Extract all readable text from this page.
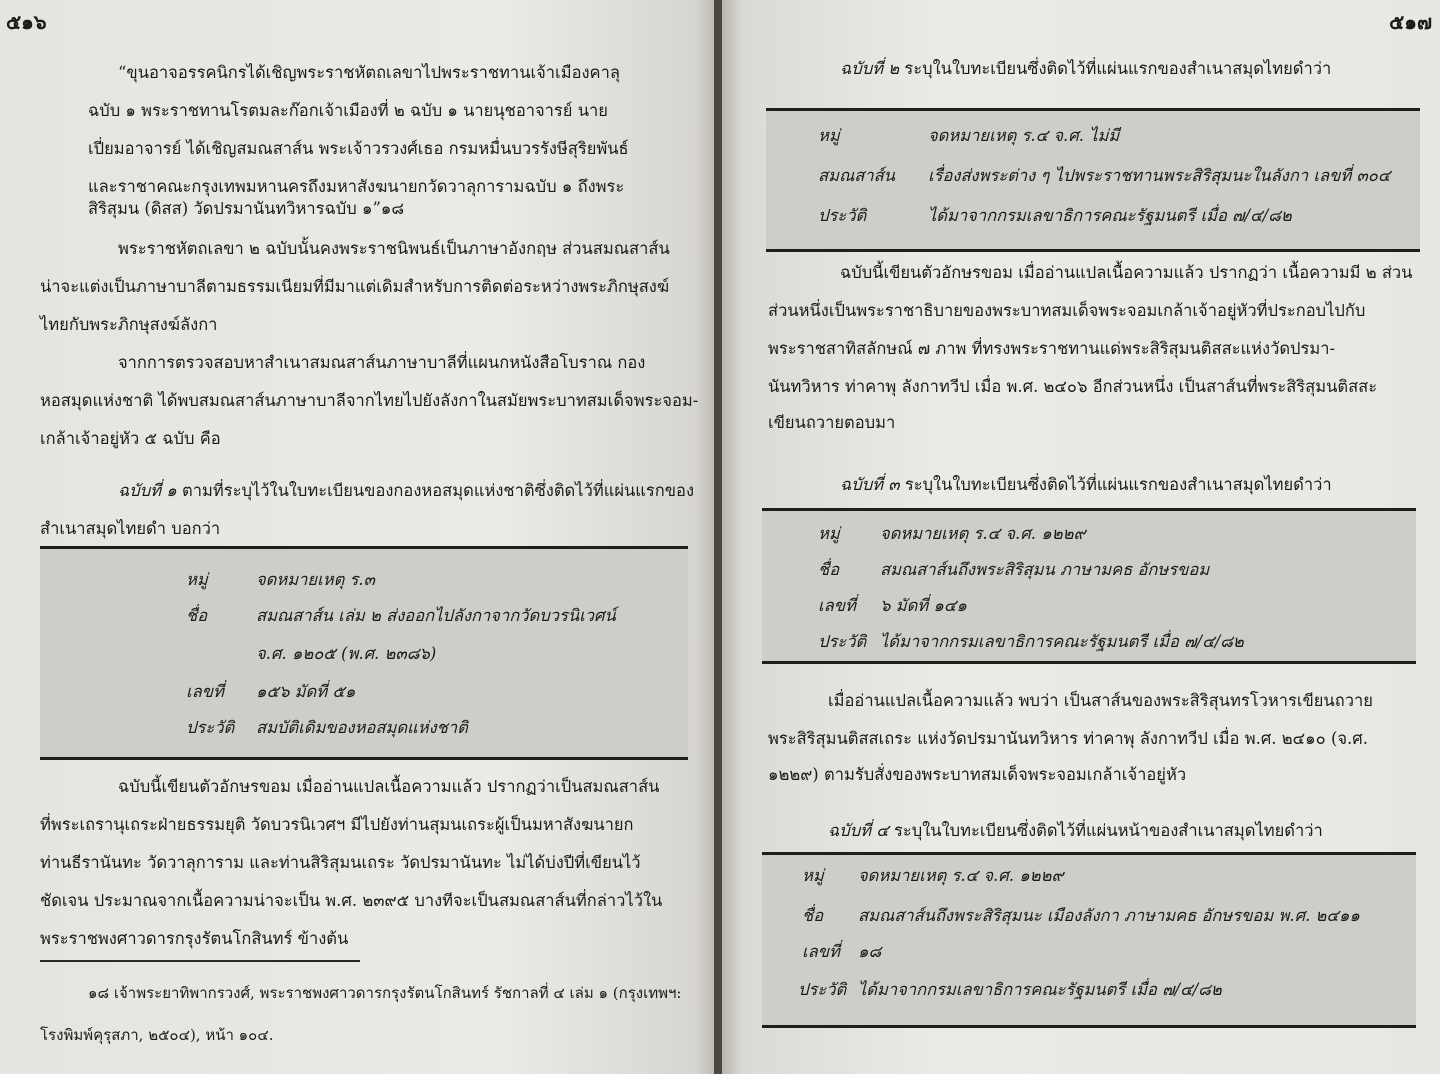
๕๑๖
“ขุนอาจอรรคนิกรได้เชิญพระราชหัตถเลขาไปพระราชทานเจ้าเมืองคาลุ
ฉบับ ๑ พระราชทานโรตมละก๊อกเจ้าเมืองที่ ๒ ฉบับ ๑ นายนุชอาจารย์ นาย
เปี่ยมอาจารย์ ได้เชิญสมณสาส์น พระเจ้าวรวงศ์เธอ กรมหมื่นบวรรังษีสุริยพันธ์
และราชาคณะกรุงเทพมหานครถึงมหาสังฆนายกวัดวาลุการามฉบับ ๑ ถึงพระ
สิริสุมน (ดิสส) วัดปรมานันทวิหารฉบับ ๑”๑๘
พระราชหัตถเลขา ๒ ฉบับนั้นคงพระราชนิพนธ์เป็นภาษาอังกฤษ ส่วนสมณสาส์น
น่าจะแต่งเป็นภาษาบาลีตามธรรมเนียมที่มีมาแต่เดิมสำหรับการติดต่อระหว่างพระภิกษุสงฆ์
ไทยกับพระภิกษุสงฆ์ลังกา
จากการตรวจสอบหาสำเนาสมณสาส์นภาษาบาลีที่แผนกหนังสือโบราณ กอง
หอสมุดแห่งชาติ ได้พบสมณสาส์นภาษาบาลีจากไทยไปยังลังกาในสมัยพระบาทสมเด็จพระจอม-
เกล้าเจ้าอยู่หัว ๕ ฉบับ คือ
ฉบับที่ ๑ ตามที่ระบุไว้ในใบทะเบียนของกองหอสมุดแห่งชาติซึ่งติดไว้ที่แผ่นแรกของ
สำเนาสมุดไทยดำ บอกว่า
หมู่	จดหมายเหตุ ร.๓
ชื่อ	สมณสาส์น เล่ม ๒ ส่งออกไปลังกาจากวัดบวรนิเวศน์
จ.ศ. ๑๒๐๕ (พ.ศ. ๒๓๘๖)
เลขที่ ๑๕๖ มัดที่ ๕๑
ประวัติ สมบัติเดิมของหอสมุดแห่งชาติ
ฉบับนี้เขียนตัวอักษรขอม เมื่ออ่านแปลเนื้อความแล้ว ปรากฏว่าเป็นสมณสาส์น
ที่พระเถรานุเถระฝ่ายธรรมยุติ วัดบวรนิเวศฯ มีไปยังท่านสุมนเถระผู้เป็นมหาสังฆนายก
ท่านธีรานันทะ วัดวาลุการาม และท่านสิริสุมนเถระ วัดปรมานันทะ ไม่ได้บ่งปีที่เขียนไว้
ชัดเจน ประมาณจากเนื้อความน่าจะเป็น พ.ศ. ๒๓๙๕ บางทีจะเป็นสมณสาส์นที่กล่าวไว้ใน
พระราชพงศาวดารกรุงรัตนโกสินทร์ ข้างต้น
๑๘ เจ้าพระยาทิพากรวงศ์, พระราชพงศาวดารกรุงรัตนโกสินทร์ รัชกาลที่ ๔ เล่ม ๑ (กรุงเทพฯ:
โรงพิมพ์คุรุสภา, ๒๕๐๔), หน้า ๑๐๔.
๕๑๗
ฉบับที่ ๒ ระบุในใบทะเบียนซึ่งติดไว้ที่แผ่นแรกของสำเนาสมุดไทยดำว่า
หมู่	จดหมายเหตุ ร.๔ จ.ศ. ไม่มี
สมณสาส์น เรื่องส่งพระต่าง ๆ ไปพระราชทานพระสิริสุมนะในลังกา เลขที่ ๓๐๔
ประวัติ	ได้มาจากกรมเลขาธิการคณะรัฐมนตรี เมื่อ ๗/๔/๘๒
ฉบับนี้เขียนตัวอักษรขอม เมื่ออ่านแปลเนื้อความแล้ว ปรากฏว่า เนื้อความมี ๒ ส่วน
ส่วนหนึ่งเป็นพระราชาธิบายของพระบาทสมเด็จพระจอมเกล้าเจ้าอยู่หัวที่ประกอบไปกับ
พระราชสาทิสลักษณ์ ๗ ภาพ ที่ทรงพระราชทานแด่พระสิริสุมนติสสะแห่งวัดปรมา-
นันทวิหาร ท่าคาพุ ลังกาทวีป เมื่อ พ.ศ. ๒๔๐๖ อีกส่วนหนึ่ง เป็นสาส์นที่พระสิริสุมนติสสะ
เขียนถวายตอบมา
ฉบับที่ ๓ ระบุในใบทะเบียนซึ่งติดไว้ที่แผ่นแรกของสำเนาสมุดไทยดำว่า
หมู่ จดหมายเหตุ ร.๔ จ.ศ. ๑๒๒๙
ชื่อ สมณสาส์นถึงพระสิริสุมน ภาษามคธ อักษรขอม
เลขที่ ๖ มัดที่ ๑๔๑
ประวัติ ได้มาจากกรมเลขาธิการคณะรัฐมนตรี เมื่อ ๗/๔/๘๒
เมื่ออ่านแปลเนื้อความแล้ว พบว่า เป็นสาส์นของพระสิริสุนทรโวหารเขียนถวาย
พระสิริสุมนติสสเถระ แห่งวัดปรมานันทวิหาร ท่าคาพุ ลังกาทวีป เมื่อ พ.ศ. ๒๔๑๐ (จ.ศ.
๑๒๒๙) ตามรับสั่งของพระบาทสมเด็จพระจอมเกล้าเจ้าอยู่หัว
ฉบับที่ ๔ ระบุในใบทะเบียนซึ่งติดไว้ที่แผ่นหน้าของสำเนาสมุดไทยดำว่า
หมู่ จดหมายเหตุ ร.๔ จ.ศ. ๑๒๒๙
ชื่อ สมณสาส์นถึงพระสิริสุมนะ เมืองลังกา ภาษามคธ อักษรขอม พ.ศ. ๒๔๑๑
เลขที่ ๑๘
ประวัติ ได้มาจากกรมเลขาธิการคณะรัฐมนตรี เมื่อ ๗/๔/๘๒
